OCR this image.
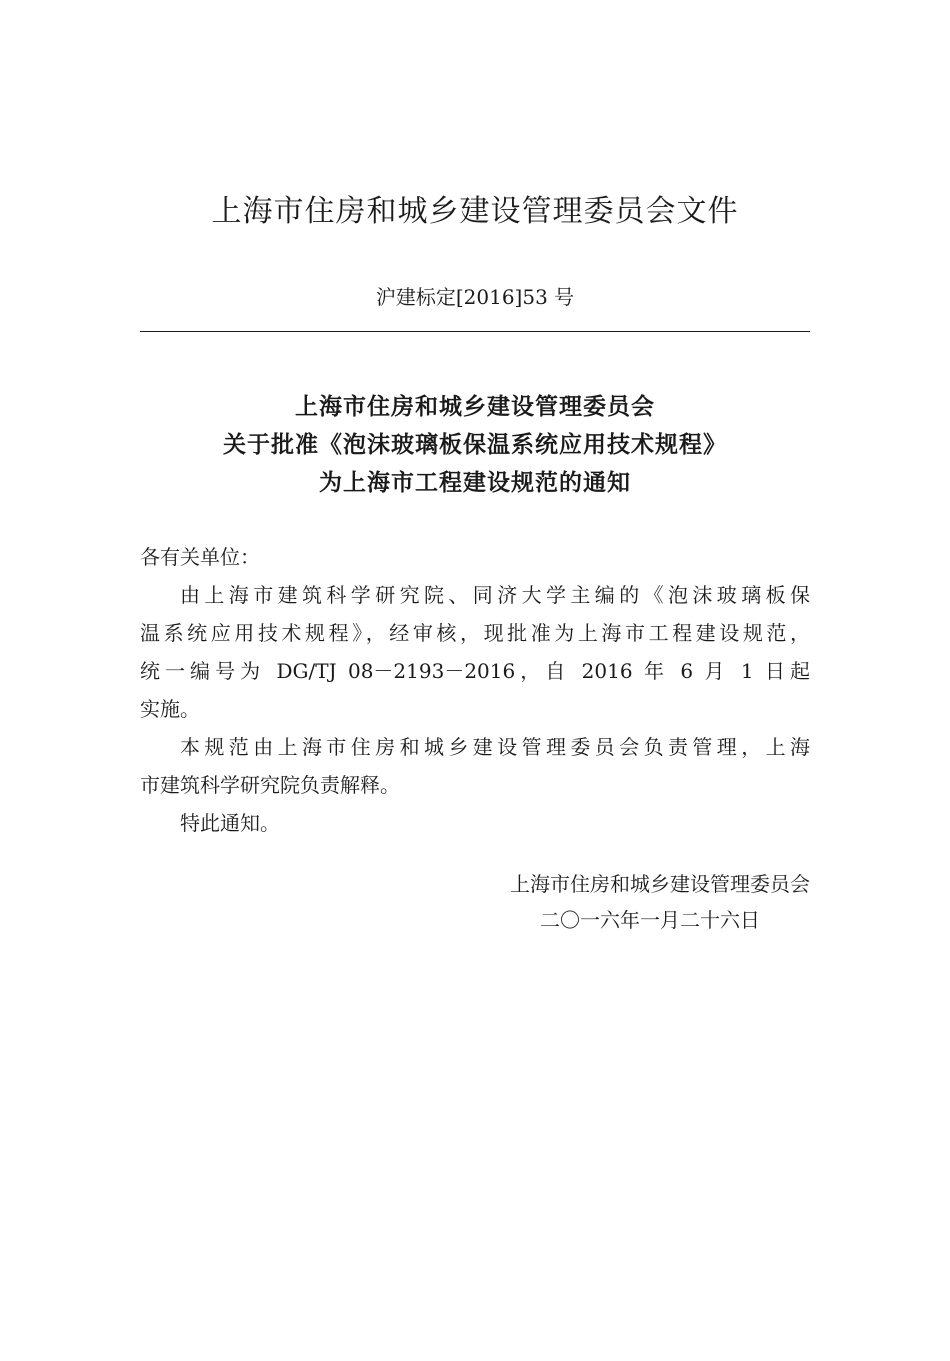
上海市住房和城乡建设管理委员会文件
沪建标定[2016]53 号
上海市住房和城乡建设管理委员会
关于批准《泡沫玻璃板保温系统应用技术规程》
为上海市工程建设规范的通知
各有关单位：
由上海市建筑科学研究院、同济大学主编的《泡沫玻璃板保
温系统应用技术规程》，经审核，现批准为上海市工程建设规范，
统一编号为 DG/TJ 08－2193－2016，自 2016 年 6 月 1 日起
实施。
本规范由上海市住房和城乡建设管理委员会负责管理，上海
市建筑科学研究院负责解释。
特此通知。
上海市住房和城乡建设管理委员会
二〇一六年一月二十六日
